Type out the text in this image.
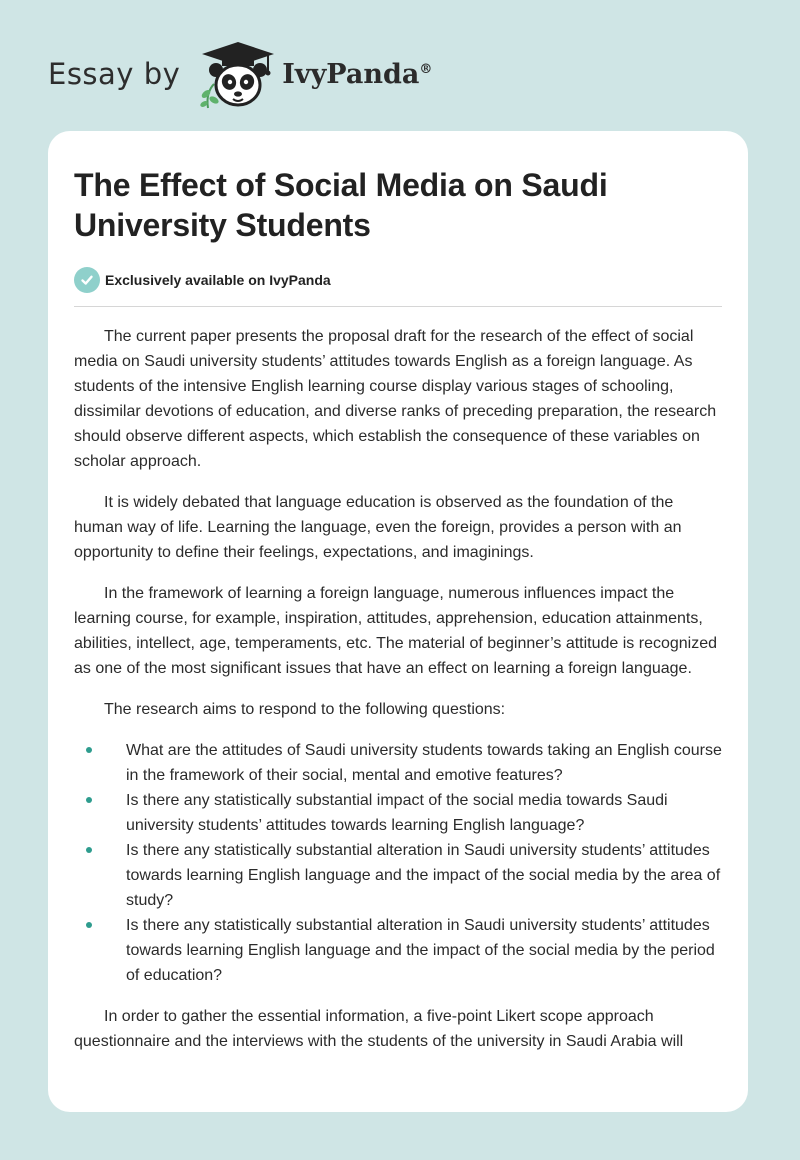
Essay by	IvyPanda®
The Effect of Social Media on Saudi University Students
Exclusively available on IvyPanda

The current paper presents the proposal draft for the research of the effect of social media on Saudi university students’ attitudes towards English as a foreign language. As students of the intensive English learning course display various stages of schooling, dissimilar devotions of education, and diverse ranks of preceding preparation, the research should observe different aspects, which establish the consequence of these variables on scholar approach.

It is widely debated that language education is observed as the foundation of the human way of life. Learning the language, even the foreign, provides a person with an opportunity to define their feelings, expectations, and imaginings.

In the framework of learning a foreign language, numerous influences impact the learning course, for example, inspiration, attitudes, apprehension, education attainments, abilities, intellect, age, temperaments, etc. The material of beginner’s attitude is recognized as one of the most significant issues that have an effect on learning a foreign language.

The research aims to respond to the following questions:

What are the attitudes of Saudi university students towards taking an English course in the framework of their social, mental and emotive features?
Is there any statistically substantial impact of the social media towards Saudi university students’ attitudes towards learning English language?
Is there any statistically substantial alteration in Saudi university students’ attitudes towards learning English language and the impact of the social media by the area of study?
Is there any statistically substantial alteration in Saudi university students’ attitudes towards learning English language and the impact of the social media by the period of education?

In order to gather the essential information, a five-point Likert scope approach questionnaire and the interviews with the students of the university in Saudi Arabia will
